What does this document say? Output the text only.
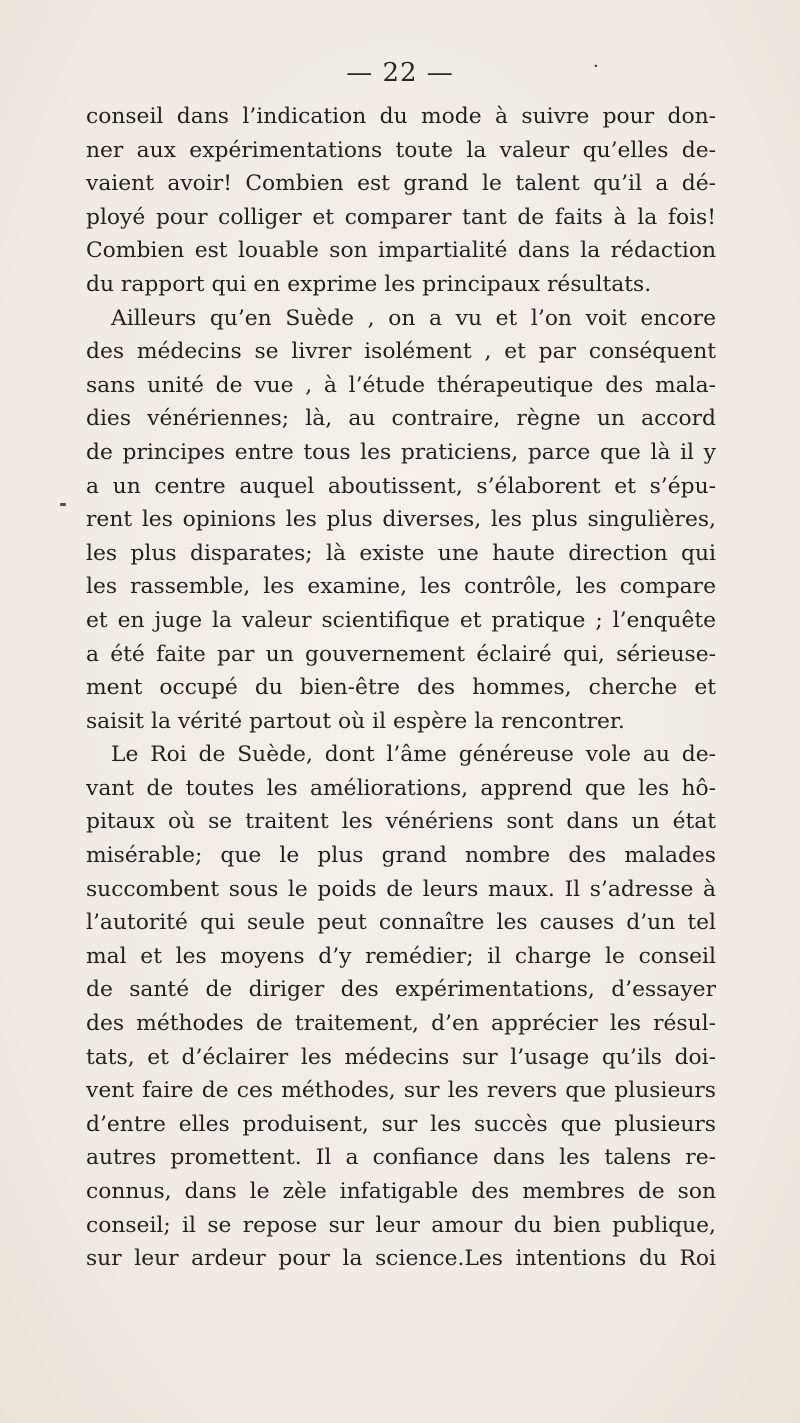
— 22 —	·
conseil dans l’indication du mode à suivre pour don-
ner aux expérimentations toute la valeur qu’elles de-
vaient avoir! Combien est grand le talent qu’il a dé-
ployé pour colliger et comparer tant de faits à la fois!
Combien est louable son impartialité dans la rédaction
du rapport qui en exprime les principaux résultats.
Ailleurs qu’en Suède , on a vu et l’on voit encore
des médecins se livrer isolément , et par conséquent
sans unité de vue , à l’étude thérapeutique des mala-
dies vénériennes; là, au contraire, règne un accord
de principes entre tous les praticiens, parce que là il y
a un centre auquel aboutissent, s’élaborent et s’épu-
rent les opinions les plus diverses, les plus singulières,
les plus disparates; là existe une haute direction qui
les rassemble, les examine, les contrôle, les compare
et en juge la valeur scientifique et pratique ; l’enquête
a été faite par un gouvernement éclairé qui, sérieuse-
ment occupé du bien-être des hommes, cherche et
saisit la vérité partout où il espère la rencontrer.
Le Roi de Suède, dont l’âme généreuse vole au de-
vant de toutes les améliorations, apprend que les hô-
pitaux où se traitent les vénériens sont dans un état
misérable; que le plus grand nombre des malades
succombent sous le poids de leurs maux. Il s’adresse à
l’autorité qui seule peut connaître les causes d’un tel
mal et les moyens d’y remédier; il charge le conseil
de santé de diriger des expérimentations, d’essayer
des méthodes de traitement, d’en apprécier les résul-
tats, et d’éclairer les médecins sur l’usage qu’ils doi-
vent faire de ces méthodes, sur les revers que plusieurs
d’entre elles produisent, sur les succès que plusieurs
autres promettent. Il a confiance dans les talens re-
connus, dans le zèle infatigable des membres de son
conseil; il se repose sur leur amour du bien publique,
sur leur ardeur pour la science.Les intentions du Roi
